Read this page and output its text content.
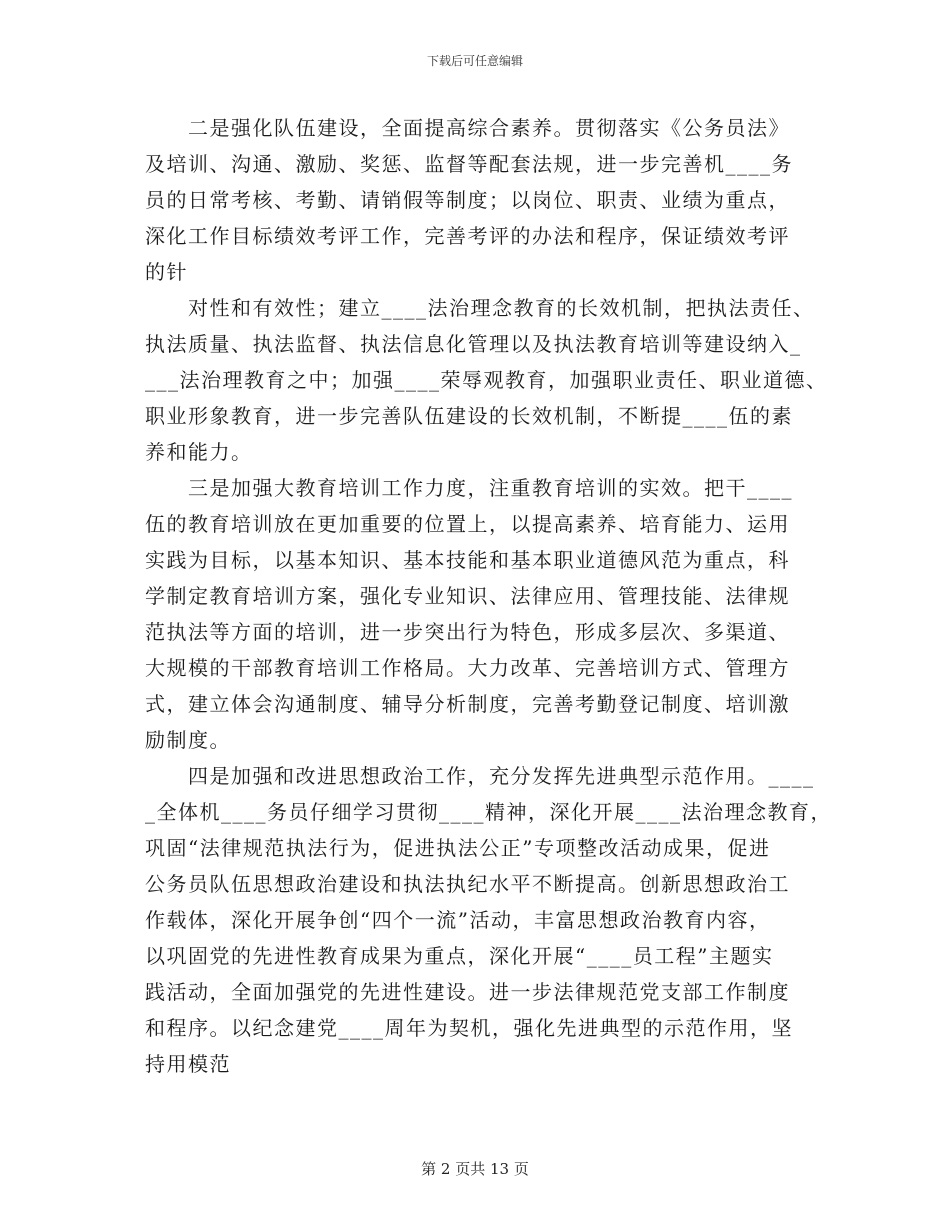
下载后可任意编辑
　　二是强化队伍建设，全面提高综合素养。贯彻落实《公务员法》
及培训、沟通、激励、奖惩、监督等配套法规，进一步完善机____务
员的日常考核、考勤、请销假等制度；以岗位、职责、业绩为重点，
深化工作目标绩效考评工作，完善考评的办法和程序，保证绩效考评
的针
　　对性和有效性；建立____法治理念教育的长效机制，把执法责任、
执法质量、执法监督、执法信息化管理以及执法教育培训等建设纳入_
___法治理教育之中；加强____荣辱观教育，加强职业责任、职业道德、
职业形象教育，进一步完善队伍建设的长效机制，不断提____伍的素
养和能力。
　　三是加强大教育培训工作力度，注重教育培训的实效。把干____
伍的教育培训放在更加重要的位置上，以提高素养、培育能力、运用
实践为目标，以基本知识、基本技能和基本职业道德风范为重点，科
学制定教育培训方案，强化专业知识、法律应用、管理技能、法律规
范执法等方面的培训，进一步突出行为特色，形成多层次、多渠道、
大规模的干部教育培训工作格局。大力改革、完善培训方式、管理方
式，建立体会沟通制度、辅导分析制度，完善考勤登记制度、培训激
励制度。
　　四是加强和改进思想政治工作，充分发挥先进典型示范作用。____
_全体机____务员仔细学习贯彻____精神，深化开展____法治理念教育，
巩固“法律规范执法行为，促进执法公正”专项整改活动成果，促进
公务员队伍思想政治建设和执法执纪水平不断提高。创新思想政治工
作载体，深化开展争创“四个一流”活动，丰富思想政治教育内容，
以巩固党的先进性教育成果为重点，深化开展“____员工程”主题实
践活动，全面加强党的先进性建设。进一步法律规范党支部工作制度
和程序。以纪念建党____周年为契机，强化先进典型的示范作用，坚
持用模范
第 2 页共 13 页
